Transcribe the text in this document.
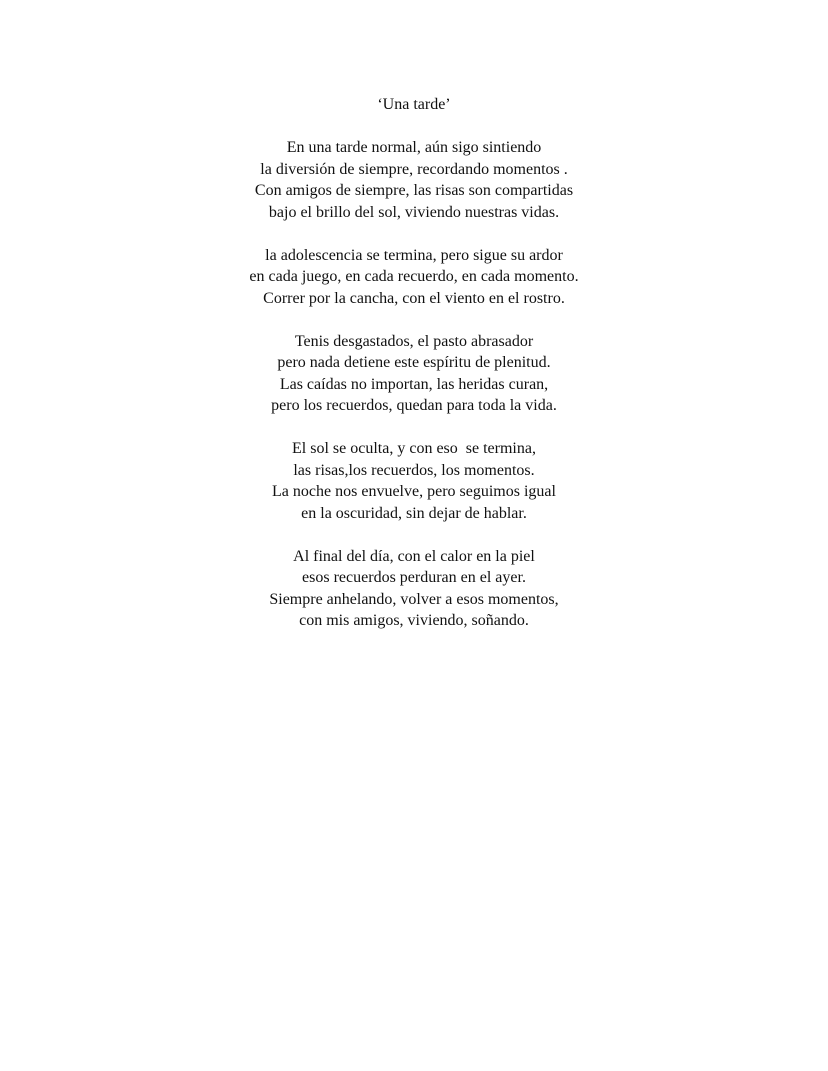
‘Una tarde’
En una tarde normal, aún sigo sintiendo
la diversión de siempre, recordando momentos .
Con amigos de siempre, las risas son compartidas
bajo el brillo del sol, viviendo nuestras vidas.
la adolescencia se termina, pero sigue su ardor
en cada juego, en cada recuerdo, en cada momento.
Correr por la cancha, con el viento en el rostro.
Tenis desgastados, el pasto abrasador
pero nada detiene este espíritu de plenitud.
Las caídas no importan, las heridas curan,
pero los recuerdos, quedan para toda la vida.
El sol se oculta, y con eso  se termina,
las risas,los recuerdos, los momentos.
La noche nos envuelve, pero seguimos igual
en la oscuridad, sin dejar de hablar.
Al final del día, con el calor en la piel
esos recuerdos perduran en el ayer.
Siempre anhelando, volver a esos momentos,
con mis amigos, viviendo, soñando.
